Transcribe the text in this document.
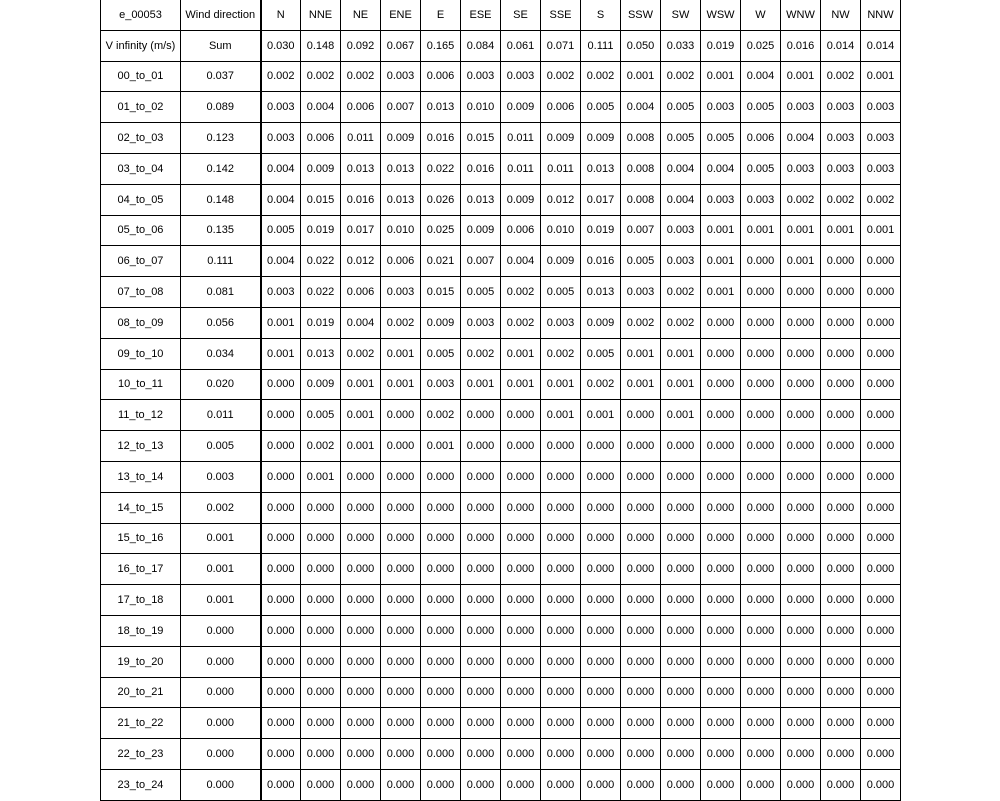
e_00053	Wind direction	N	NNE	NE	ENE	E	ESE	SE	SSE	S	SSW	SW	WSW	W	WNW	NW	NNW
V infinity (m/s)	Sum	0.030	0.148	0.092	0.067	0.165	0.084	0.061	0.071	0.111	0.050	0.033	0.019	0.025	0.016	0.014	0.014
00_to_01	0.037	0.002	0.002	0.002	0.003	0.006	0.003	0.003	0.002	0.002	0.001	0.002	0.001	0.004	0.001	0.002	0.001
01_to_02	0.089	0.003	0.004	0.006	0.007	0.013	0.010	0.009	0.006	0.005	0.004	0.005	0.003	0.005	0.003	0.003	0.003
02_to_03	0.123	0.003	0.006	0.011	0.009	0.016	0.015	0.011	0.009	0.009	0.008	0.005	0.005	0.006	0.004	0.003	0.003
03_to_04	0.142	0.004	0.009	0.013	0.013	0.022	0.016	0.011	0.011	0.013	0.008	0.004	0.004	0.005	0.003	0.003	0.003
04_to_05	0.148	0.004	0.015	0.016	0.013	0.026	0.013	0.009	0.012	0.017	0.008	0.004	0.003	0.003	0.002	0.002	0.002
05_to_06	0.135	0.005	0.019	0.017	0.010	0.025	0.009	0.006	0.010	0.019	0.007	0.003	0.001	0.001	0.001	0.001	0.001
06_to_07	0.111	0.004	0.022	0.012	0.006	0.021	0.007	0.004	0.009	0.016	0.005	0.003	0.001	0.000	0.001	0.000	0.000
07_to_08	0.081	0.003	0.022	0.006	0.003	0.015	0.005	0.002	0.005	0.013	0.003	0.002	0.001	0.000	0.000	0.000	0.000
08_to_09	0.056	0.001	0.019	0.004	0.002	0.009	0.003	0.002	0.003	0.009	0.002	0.002	0.000	0.000	0.000	0.000	0.000
09_to_10	0.034	0.001	0.013	0.002	0.001	0.005	0.002	0.001	0.002	0.005	0.001	0.001	0.000	0.000	0.000	0.000	0.000
10_to_11	0.020	0.000	0.009	0.001	0.001	0.003	0.001	0.001	0.001	0.002	0.001	0.001	0.000	0.000	0.000	0.000	0.000
11_to_12	0.011	0.000	0.005	0.001	0.000	0.002	0.000	0.000	0.001	0.001	0.000	0.001	0.000	0.000	0.000	0.000	0.000
12_to_13	0.005	0.000	0.002	0.001	0.000	0.001	0.000	0.000	0.000	0.000	0.000	0.000	0.000	0.000	0.000	0.000	0.000
13_to_14	0.003	0.000	0.001	0.000	0.000	0.000	0.000	0.000	0.000	0.000	0.000	0.000	0.000	0.000	0.000	0.000	0.000
14_to_15	0.002	0.000	0.000	0.000	0.000	0.000	0.000	0.000	0.000	0.000	0.000	0.000	0.000	0.000	0.000	0.000	0.000
15_to_16	0.001	0.000	0.000	0.000	0.000	0.000	0.000	0.000	0.000	0.000	0.000	0.000	0.000	0.000	0.000	0.000	0.000
16_to_17	0.001	0.000	0.000	0.000	0.000	0.000	0.000	0.000	0.000	0.000	0.000	0.000	0.000	0.000	0.000	0.000	0.000
17_to_18	0.001	0.000	0.000	0.000	0.000	0.000	0.000	0.000	0.000	0.000	0.000	0.000	0.000	0.000	0.000	0.000	0.000
18_to_19	0.000	0.000	0.000	0.000	0.000	0.000	0.000	0.000	0.000	0.000	0.000	0.000	0.000	0.000	0.000	0.000	0.000
19_to_20	0.000	0.000	0.000	0.000	0.000	0.000	0.000	0.000	0.000	0.000	0.000	0.000	0.000	0.000	0.000	0.000	0.000
20_to_21	0.000	0.000	0.000	0.000	0.000	0.000	0.000	0.000	0.000	0.000	0.000	0.000	0.000	0.000	0.000	0.000	0.000
21_to_22	0.000	0.000	0.000	0.000	0.000	0.000	0.000	0.000	0.000	0.000	0.000	0.000	0.000	0.000	0.000	0.000	0.000
22_to_23	0.000	0.000	0.000	0.000	0.000	0.000	0.000	0.000	0.000	0.000	0.000	0.000	0.000	0.000	0.000	0.000	0.000
23_to_24	0.000	0.000	0.000	0.000	0.000	0.000	0.000	0.000	0.000	0.000	0.000	0.000	0.000	0.000	0.000	0.000	0.000
